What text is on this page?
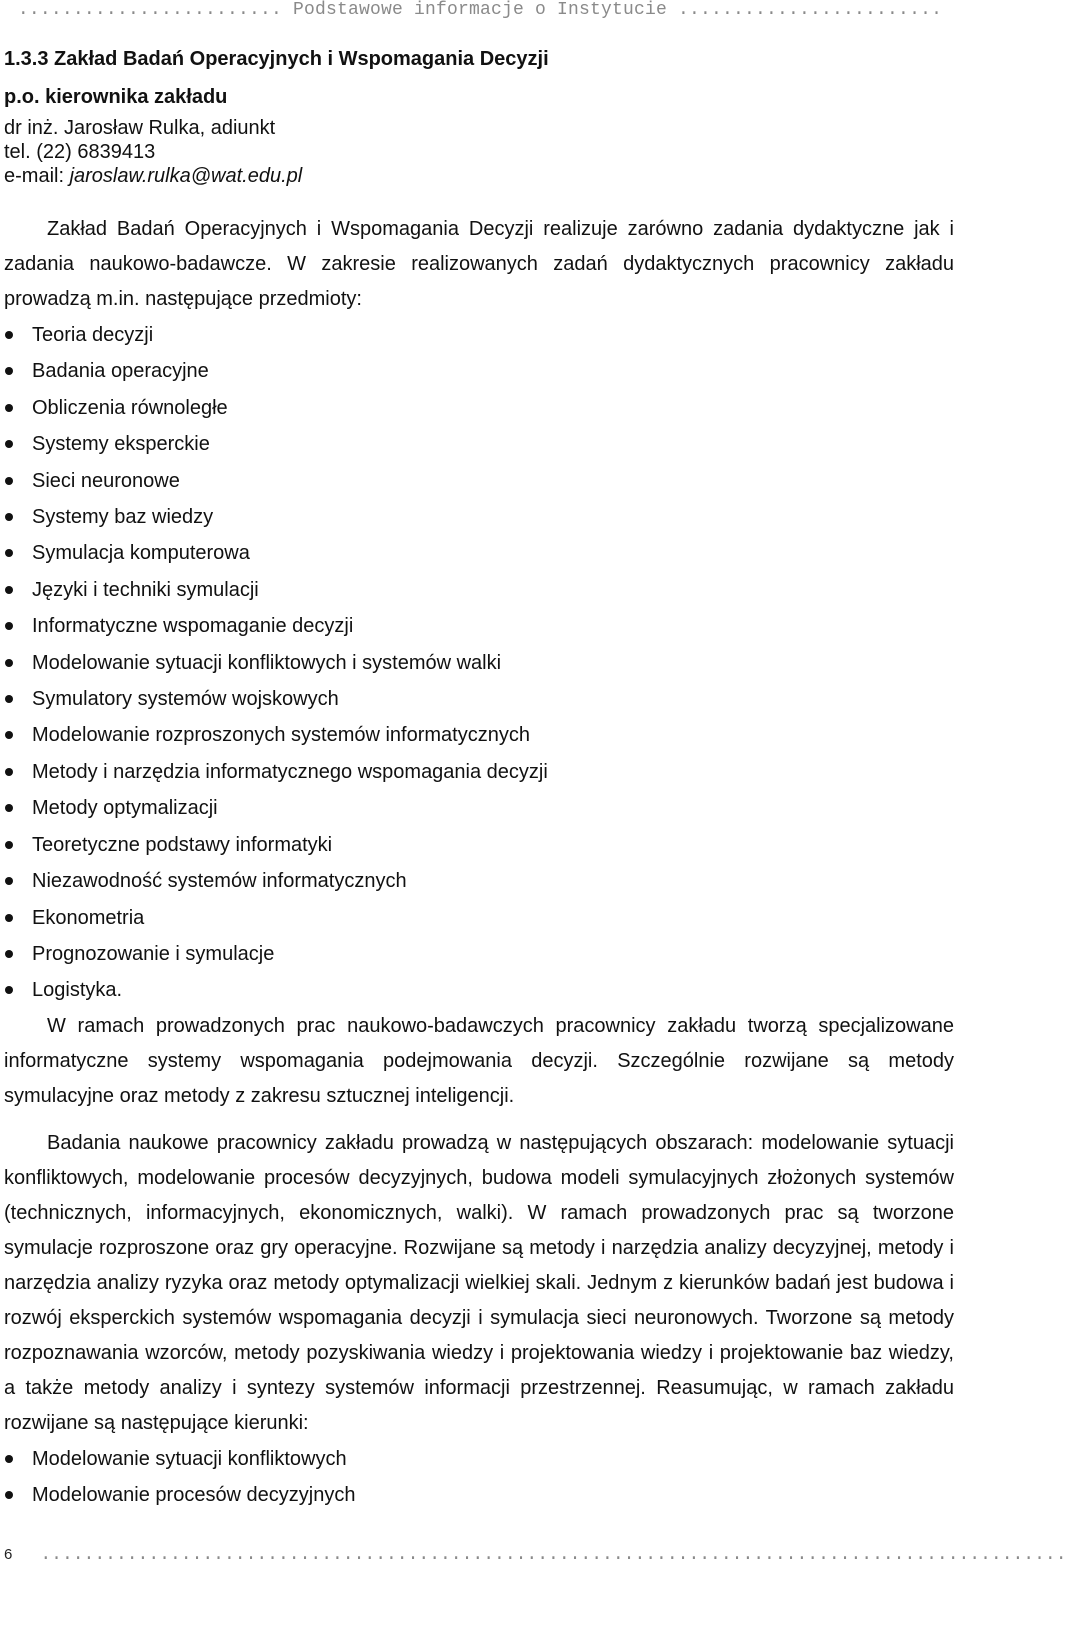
........................ Podstawowe informacje o Instytucie ........................

1.3.3 Zakład Badań Operacyjnych i Wspomagania Decyzji

p.o. kierownika zakładu

dr inż. Jarosław Rulka, adiunkt

tel. (22) 6839413

e-mail: jaroslaw.rulka@wat.edu.pl

Zakład Badań Operacyjnych i Wspomagania Decyzji realizuje zarówno zadania dydaktyczne jak i zadania naukowo-badawcze. W zakresie realizowanych zadań dydaktycznych pracownicy zakładu prowadzą m.in. następujące przedmioty:

Teoria decyzji
Badania operacyjne
Obliczenia równoległe
Systemy eksperckie
Sieci neuronowe
Systemy baz wiedzy
Symulacja komputerowa
Języki i techniki symulacji
Informatyczne wspomaganie decyzji
Modelowanie sytuacji konfliktowych i systemów walki
Symulatory systemów wojskowych
Modelowanie rozproszonych systemów informatycznych
Metody i narzędzia informatycznego wspomagania decyzji
Metody optymalizacji
Teoretyczne podstawy informatyki
Niezawodność systemów informatycznych
Ekonometria
Prognozowanie i symulacje
Logistyka.

W ramach prowadzonych prac naukowo-badawczych pracownicy zakładu tworzą specjalizowane informatyczne systemy wspomagania podejmowania decyzji. Szczególnie rozwijane są metody symulacyjne oraz metody z zakresu sztucznej inteligencji.

Badania naukowe pracownicy zakładu prowadzą w następujących obszarach: modelowanie sytuacji konfliktowych, modelowanie procesów decyzyjnych, budowa modeli symulacyjnych złożonych systemów (technicznych, informacyjnych, ekonomicznych, walki). W ramach prowadzonych prac są tworzone symulacje rozproszone oraz gry operacyjne. Rozwijane są metody i narzędzia analizy decyzyjnej, metody i narzędzia analizy ryzyka oraz metody optymalizacji wielkiej skali. Jednym z kierunków badań jest budowa i rozwój eksperckich systemów wspomagania decyzji i symulacja sieci neuronowych. Tworzone są metody rozpoznawania wzorców, metody pozyskiwania wiedzy i projektowania wiedzy i projektowanie baz wiedzy, a także metody analizy i syntezy systemów informacji przestrzennej. Reasumując, w ramach zakładu rozwijane są następujące kierunki:

Modelowanie sytuacji konfliktowych
Modelowanie procesów decyzyjnych
6 ...............................................................................................
